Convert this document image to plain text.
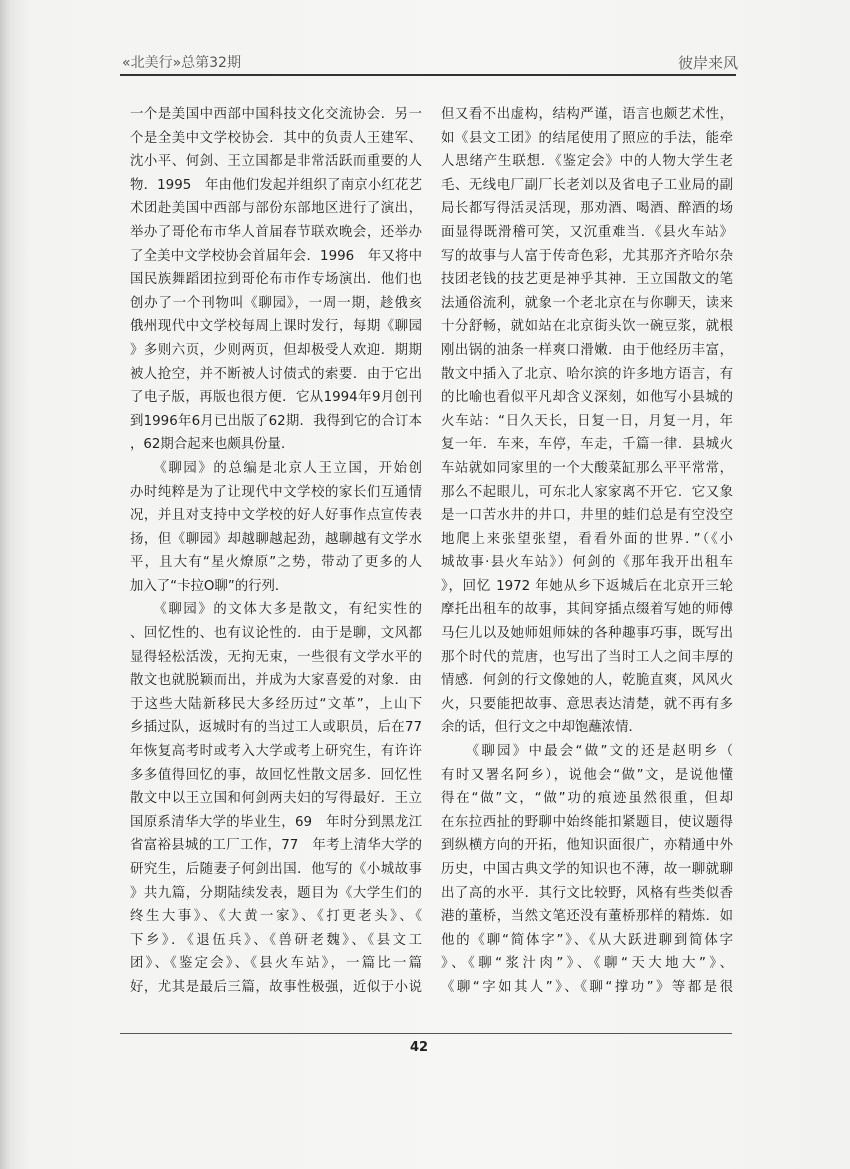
«北美行»总第32期	彼岸来风
一个是美国中西部中国科技文化交流协会．另一
个是全美中文学校协会．其中的负责人王建军、
沈小平、何剑、王立国都是非常活跃而重要的人
物．1995　年由他们发起并组织了南京小红花艺
术团赴美国中西部与部份东部地区进行了演出，
举办了哥伦布市华人首届春节联欢晚会，还举办
了全美中文学校协会首届年会．1996　年又将中
国民族舞蹈团拉到哥伦布市作专场演出．他们也
创办了一个刊物叫《聊园》，一周一期，趁俄亥
俄州现代中文学校每周上课时发行，每期《聊园
》多则六页，少则两页，但却极受人欢迎．期期
被人抢空，并不断被人讨债式的索要．由于它出
了电子版，再版也很方便．它从1994年9月创刊
到1996年6月已出版了62期．我得到它的合订本
，62期合起来也颇具份量．
　　《聊园》的总编是北京人王立国，开始创
办时纯粹是为了让现代中文学校的家长们互通情
况，并且对支持中文学校的好人好事作点宣传表
扬，但《聊园》却越聊越起劲，越聊越有文学水
平，且大有“星火燎原”之势，带动了更多的人
加入了“卡拉O聊”的行列．
　　《聊园》的文体大多是散文，有纪实性的
、回忆性的、也有议论性的．由于是聊，文风都
显得轻松活泼，无拘无束，一些很有文学水平的
散文也就脱颖而出，并成为大家喜爱的对象．由
于这些大陆新移民大多经历过“文革”，上山下
乡插过队，返城时有的当过工人或职员，后在77
年恢复高考时或考入大学或考上研究生，有许许
多多值得回忆的事，故回忆性散文居多．回忆性
散文中以王立国和何剑两夫妇的写得最好．王立
国原系清华大学的毕业生，69　年时分到黑龙江
省富裕县城的工厂工作，77　年考上清华大学的
研究生，后随妻子何剑出国．他写的《小城故事
》共九篇，分期陆续发表，题目为《大学生们的
终生大事》、《大黄一家》、《打更老头》、《
下乡》．《退伍兵》、《兽研老魏》、《县文工
团》、《鉴定会》、《县火车站》，一篇比一篇
好，尤其是最后三篇，故事性极强，近似于小说
但又看不出虚构，结构严谨，语言也颇艺术性，
如《县文工团》的结尾使用了照应的手法，能牵
人思绪产生联想．《鉴定会》中的人物大学生老
毛、无线电厂副厂长老刘以及省电子工业局的副
局长都写得活灵活现，那劝酒、喝酒、醉酒的场
面显得既滑稽可笑，又沉重难当．《县火车站》
写的故事与人富于传奇色彩，尤其那齐齐哈尔杂
技团老钱的技艺更是神乎其神．王立国散文的笔
法通俗流利，就象一个老北京在与你聊天，读来
十分舒畅，就如站在北京街头饮一碗豆浆，就根
刚出锅的油条一样爽口滑嫩．由于他经历丰富，
散文中插入了北京、哈尔滨的许多地方语言，有
的比喻也看似平凡却含义深刻，如他写小县城的
火车站：“日久天长，日复一日，月复一月，年
复一年．车来，车停，车走，千篇一律．县城火
车站就如同家里的一个大酸菜缸那么平平常常，
那么不起眼儿，可东北人家家离不开它．它又象
是一口苦水井的井口，井里的蛙们总是有空没空
地爬上来张望张望，看看外面的世界．”（《小
城故事·县火车站》）何剑的《那年我开出租车
》，回忆 1972 年她从乡下返城后在北京开三轮
摩托出租车的故事，其间穿插点缀着写她的师傅
马仨儿以及她师姐师妹的各种趣事巧事，既写出
那个时代的荒唐，也写出了当时工人之间丰厚的
情感．何剑的行文像她的人，乾脆直爽，风风火
火，只要能把故事、意思表达清楚，就不再有多
余的话，但行文之中却饱蘸浓情．
　　《聊园》中最会“做”文的还是赵明乡（
有时又署名阿乡），说他会“做”文，是说他懂
得在“做”文，“做”功的痕迹虽然很重，但却
在东拉西扯的野聊中始终能扣紧题目，使议题得
到纵横方向的开拓，他知识面很广，亦精通中外
历史，中国古典文学的知识也不薄，故一聊就聊
出了高的水平．其行文比较野，风格有些类似香
港的董桥，当然文笔还没有董桥那样的精炼．如
他的《聊“简体字”》、《从大跃进聊到简体字
》、《聊“浆汁肉”》、《聊“天大地大”》、
《聊“字如其人”》、《聊“撑功”》等都是很
42
